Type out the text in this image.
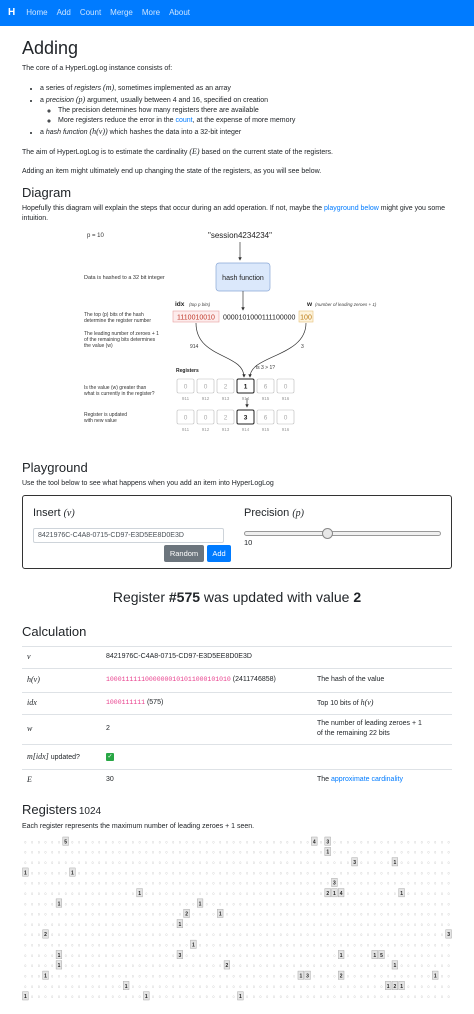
H Home Add Count Merge More About
Adding

The core of a HyperLogLog instance consists of:

• a series of registers (m), sometimes implemented as an array
• a precision (p) argument, usually between 4 and 16, specified on creation
◦ The precision determines how many registers there are available
◦ More registers reduce the error in the count, at the expense of more memory
• a hash function (h(v)) which hashes the data into a 32-bit integer

The aim of HyperLogLog is to estimate the cardinality (E) based on the current state of the registers.

Adding an item might ultimately end up changing the state of the registers, as you will see below.

Diagram

Hopefully this diagram will explain the steps that occur during an add operation. If not, maybe the playground below might give you some intuition.

p = 10	"session4234234"
Data is hashed to a 32 bit integer	hash function
idx (top p bits)	w (number of leading zeroes + 1)
1110010010 0000101000111100000 100
The top (p) bits of the hash
determine the register number
The leading number of zeroes + 1
of the remaining bits determines
the value (w)	914	3
Registers	is 3 > 1?
Is the value (w) greater than
what is currently in the register?
Register is updated
with new value
0
911
0
912
2
913
1
914
6
915
0
916
0
911
0
912
2
913
3
914
6
915
0
916
Playground

Use the tool below to see what happens when you add an item into HyperLogLog

Insert (v)
8421976C-C4A8-0715-CD97-E3D5EE8D0E3D
Random	Add
Precision (p)
10
Register #575 was updated with value 2
Calculation
v	8421976C-C4A8-0715-CD97-E3D5EE8D0E3D	
h(v)	10001111110000000101011000101010 (2411746858)	The hash of the value
idx	1000111111 (575)	Top 10 bits of h(v)
w	2	The number of leading zeroes + 1
of the remaining 22 bits
m[idx] updated?	✓	
E	30	The approximate cardinality
Registers 1024

Each register represents the maximum number of leading zeroes + 1 seen.

0 0 0 0 0 0 5 0 0 0 0 0 0 0 0 0 0 0 0 0 0 0 0 0 0 0 0 0 0 0 0 0 0 0 0 0 0 0 0 0 0 0 0 4 0 3 0 0 0 0 0 0 0 0 0 0 0 0 0 0 0 0 0 0
0 0 0 0 0 0 0 0 0 0 0 0 0 0 0 0 0 0 0 0 0 0 0 0 0 0 0 0 0 0 0 0 0 0 0 0 0 0 0 0 0 0 0 0 0 1 0 0 0 0 0 0 0 0 0 0 0 0 0 0 0 0 0 0
0 0 0 0 0 0 0 0 0 0 0 0 0 0 0 0 0 0 0 0 0 0 0 0 0 0 0 0 0 0 0 0 0 0 0 0 0 0 0 0 0 0 0 0 0 0 0 0 0 3 0 0 0 0 0 1 0 0 0 0 0 0 0 0
1 0 0 0 0 0 0 1 0 0 0 0 0 0 0 0 0 0 0 0 0 0 0 0 0 0 0 0 0 0 0 0 0 0 0 0 0 0 0 0 0 0 0 0 0 0 0 0 0 0 0 0 0 0 0 0 0 0 0 0 0 0 0 0
0 0 0 0 0 0 0 0 0 0 0 0 0 0 0 0 0 0 0 0 0 0 0 0 0 0 0 0 0 0 0 0 0 0 0 0 0 0 0 0 0 0 0 0 0 0 3 0 0 0 0 0 0 0 0 0 0 0 0 0 0 0 0 0
0 0 0 0 0 0 0 0 0 0 0 0 0 0 0 0 0 1 0 0 0 0 0 0 0 0 0 0 0 0 0 0 0 0 0 0 0 0 0 0 0 0 0 0 0 2 1 4 0 0 0 0 0 0 0 0 1 0 0 0 0 0 0 0
0 0 0 0 0 1 0 0 0 0 0 0 0 0 0 0 0 0 0 0 0 0 0 0 0 0 1 0 0 0 0 0 0 0 0 0 0 0 0 0 0 0 0 0 0 0 0 0 0 0 0 0 0 0 0 0 0 0 0 0 0 0 0 0
0 0 0 0 0 0 0 0 0 0 0 0 0 0 0 0 0 0 0 0 0 0 0 0 2 0 0 0 0 1 0 0 0 0 0 0 0 0 0 0 0 0 0 0 0 0 0 0 0 0 0 0 0 0 0 0 0 0 0 0 0 0 0 0
0 0 0 0 0 0 0 0 0 0 0 0 0 0 0 0 0 0 0 0 0 0 0 1 0 0 0 0 0 0 0 0 0 0 0 0 0 0 0 0 0 0 0 0 0 0 0 0 0 0 0 0 0 0 0 0 0 0 0 0 0 0 0 0
0 0 0 2 0 0 0 0 0 0 0 0 0 0 0 0 0 0 0 0 0 0 0 0 0 0 0 0 0 0 0 0 0 0 0 0 0 0 0 0 0 0 0 0 0 0 0 0 0 0 0 0 0 0 0 0 0 0 0 0 0 0 0 3
0 0 0 0 0 0 0 0 0 0 0 0 0 0 0 0 0 0 0 0 0 0 0 0 0 1 0 0 0 0 0 0 0 0 0 0 0 0 0 0 0 0 0 0 0 0 0 0 0 0 0 0 0 0 0 0 0 0 0 0 0 0 0 0
0 0 0 0 0 1 0 0 0 0 0 0 0 0 0 0 0 0 0 0 0 0 0 3 0 0 0 0 0 0 0 0 0 0 0 0 0 0 0 0 0 0 0 0 0 0 0 1 0 0 0 0 1 5 0 0 0 0 0 0 0 0 0 0
0 0 0 0 0 1 0 0 0 0 0 0 0 0 0 0 0 0 0 0 0 0 0 0 0 0 0 0 0 0 2 0 0 0 0 0 0 0 0 0 0 0 0 0 0 0 0 0 0 0 0 0 0 0 0 1 0 0 0 0 0 0 0 0
0 0 0 1 0 0 0 0 0 0 0 0 0 0 0 0 0 0 0 0 0 0 0 0 0 0 0 0 0 0 0 0 0 0 0 0 0 0 0 0 0 1 3 0 0 0 0 2 0 0 0 0 0 0 0 0 0 0 0 0 0 1 0 0
0 0 0 0 0 0 0 0 0 0 0 0 0 0 0 1 0 0 0 0 0 0 0 0 0 0 0 0 0 0 0 0 0 0 0 0 0 0 0 0 0 0 0 0 0 0 0 0 0 0 0 0 0 0 1 2 1 0 0 0 0 0 0 0
1 0 0 0 0 0 0 0 0 0 0 0 0 0 0 0 0 0 1 0 0 0 0 0 0 0 0 0 0 0 0 0 1 0 0 0 0 0 0 0 0 0 0 0 0 0 0 0 0 0 0 0 0 0 0 0 0 0 0 0 0 0 0 0
